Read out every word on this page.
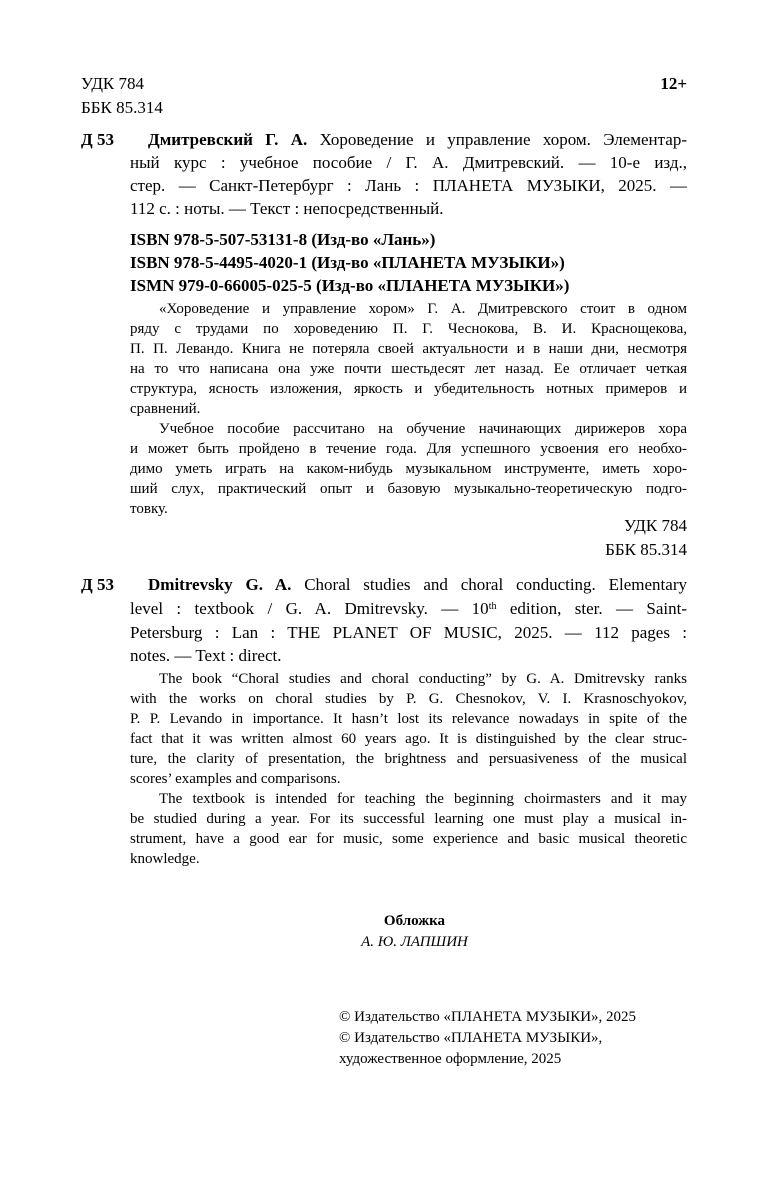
УДК 784
ББК 85.314
12+
Д 53 Дмитревский Г. А. Хороведение и управление хором. Элементар-
ный курс : учебное пособие / Г. А. Дмитревский. — 10-е изд.,
стер. — Санкт-Петербург : Лань : ПЛАНЕТА МУЗЫКИ, 2025. —
112 с. : ноты. — Текст : непосредственный.
ISBN 978-5-507-53131-8 (Изд-во «Лань»)
ISBN 978-5-4495-4020-1 (Изд-во «ПЛАНЕТА МУЗЫКИ»)
ISMN 979-0-66005-025-5 (Изд-во «ПЛАНЕТА МУЗЫКИ»)
«Хороведение и управление хором» Г. А. Дмитревского стоит в одном
ряду с трудами по хороведению П. Г. Чеснокова, В. И. Краснощекова,
П. П. Левандо. Книга не потеряла своей актуальности и в наши дни, несмотря
на то что написана она уже почти шестьдесят лет назад. Ее отличает четкая
структура, ясность изложения, яркость и убедительность нотных примеров и
сравнений.
Учебное пособие рассчитано на обучение начинающих дирижеров хора
и может быть пройдено в течение года. Для успешного усвоения его необхо-
димо уметь играть на каком-нибудь музыкальном инструменте, иметь хоро-
ший слух, практический опыт и базовую музыкально-теоретическую подго-
товку.
УДК 784
ББК 85.314
Д 53 Dmitrevsky G. A. Choral studies and choral conducting. Elementary
level : textbook / G. A. Dmitrevsky. — 10th edition, ster. — Saint-
Petersburg : Lan : THE PLANET OF MUSIC, 2025. — 112 pages :
notes. — Text : direct.
The book “Choral studies and choral conducting” by G. A. Dmitrevsky ranks
with the works on choral studies by P. G. Chesnokov, V. I. Krasnoschyokov,
P. P. Levando in importance. It hasn’t lost its relevance nowadays in spite of the
fact that it was written almost 60 years ago. It is distinguished by the clear struc-
ture, the clarity of presentation, the brightness and persuasiveness of the musical
scores’ examples and comparisons.
The textbook is intended for teaching the beginning choirmasters and it may
be studied during a year. For its successful learning one must play a musical in-
strument, have a good ear for music, some experience and basic musical theoretic
knowledge.
Обложка
А. Ю. ЛАПШИН
© Издательство «ПЛАНЕТА МУЗЫКИ», 2025
© Издательство «ПЛАНЕТА МУЗЫКИ»,
художественное оформление, 2025
